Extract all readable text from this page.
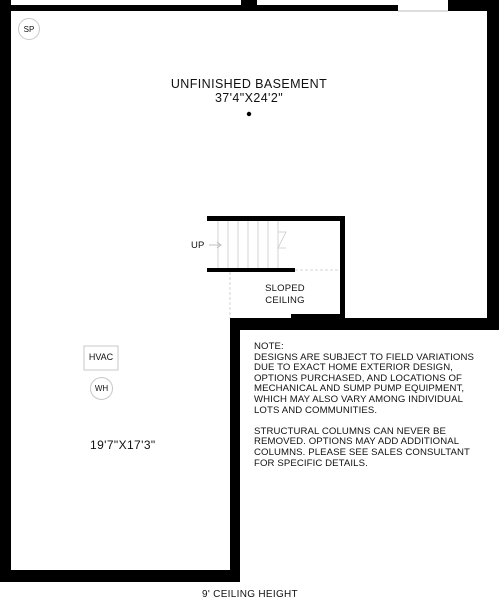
SP
UNFINISHED BASEMENT
37'4"X24'2"
UP
SLOPED
CEILING
HVAC
WH
19'7"X17'3"
NOTE:
DESIGNS ARE SUBJECT TO FIELD VARIATIONS
DUE TO EXACT HOME EXTERIOR DESIGN,
OPTIONS PURCHASED, AND LOCATIONS OF
MECHANICAL AND SUMP PUMP EQUIPMENT,
WHICH MAY ALSO VARY AMONG INDIVIDUAL
LOTS AND COMMUNITIES.
STRUCTURAL COLUMNS CAN NEVER BE
REMOVED. OPTIONS MAY ADD ADDITIONAL
COLUMNS. PLEASE SEE SALES CONSULTANT
FOR SPECIFIC DETAILS.
9' CEILING HEIGHT
